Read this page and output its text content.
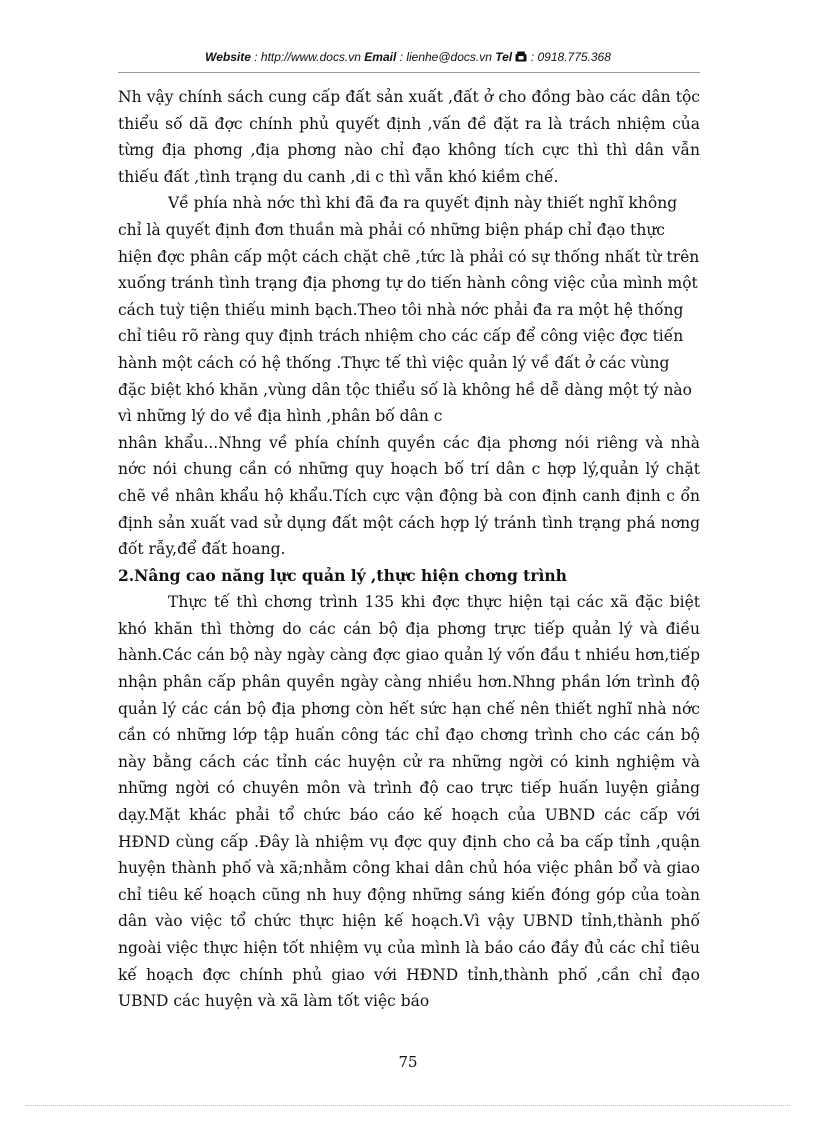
Website : http://www.docs.vn Email : lienhe@docs.vn Tel : 0918.775.368

Nh vậy chính sách cung cấp đất sản xuất ,đất ở cho đồng bào các dân tộc thiểu số dã đợc chính phủ quyết định ,vấn đề đặt ra là trách nhiệm của từng địa phơng ,địa phơng nào chỉ đạo không tích cực thì thì dân vẫn thiếu đất ,tình trạng du canh ,di c thì vẫn khó kiềm chế.

Về phía nhà nớc thì khi đã đa ra quyết định này thiết nghĩ không chỉ là quyết định đơn thuần mà phải có những biện pháp chỉ đạo thực hiện đợc phân cấp một cách chặt chẽ ,tức là phải có sự thống nhất từ trên xuống tránh tình trạng địa phơng tự do tiến hành công việc của mình một cách tuỳ tiện thiếu minh bạch.Theo tôi nhà nớc phải đa ra một hệ thống chỉ tiêu rõ ràng quy định trách nhiệm cho các cấp để công việc đợc tiến hành một cách có hệ thống .Thực tế thì việc quản lý về đất ở các vùng đặc biệt khó khăn ,vùng dân tộc thiểu số là không hề dễ dàng một tý nào vì những lý do về địa hình ,phân bố dân c

nhân khẩu...Nhng về phía chính quyền các địa phơng nói riêng và nhà nớc nói chung cần có những quy hoạch bố trí dân c hợp lý,quản lý chặt chẽ về nhân khẩu hộ khẩu.Tích cực vận động bà con định canh định c ổn định sản xuất vad sử dụng đất một cách hợp lý tránh tình trạng phá nơng đốt rẫy,để đất hoang.

2.Nâng cao năng lực quản lý ,thực hiện chơng trình

Thực tế thì chơng trình 135 khi đợc thực hiện tại các xã đặc biệt khó khăn thì thờng do các cán bộ địa phơng trực tiếp quản lý và điều hành.Các cán bộ này ngày càng đợc giao quản lý vốn đầu t nhiều hơn,tiếp nhận phân cấp phân quyền ngày càng nhiều hơn.Nhng phần lớn trình độ quản lý các cán bộ địa phơng còn hết sức hạn chế nên thiết nghĩ nhà nớc cần có những lớp tập huấn công tác chỉ đạo chơng trình cho các cán bộ này bằng cách các tỉnh các huyện cử ra những ngời có kinh nghiệm và những ngời có chuyên môn và trình độ cao trực tiếp huấn luyện giảng dạy.Mặt khác phải tổ chức báo cáo kế hoạch của UBND các cấp với HĐND cùng cấp .Đây là nhiệm vụ đợc quy định cho cả ba cấp tỉnh ,quận huyện thành phố và xã;nhằm công khai dân chủ hóa việc phân bổ và giao chỉ tiêu kế hoạch cũng nh huy động những sáng kiến đóng góp của toàn dân vào việc tổ chức thực hiện kế hoạch.Vì vậy UBND tỉnh,thành phố ngoài việc thực hiện tốt nhiệm vụ của mình là báo cáo đầy đủ các chỉ tiêu kế hoạch đợc chính phủ giao với HĐND tỉnh,thành phố ,cần chỉ đạo UBND các huyện và xã làm tốt việc báo

75
